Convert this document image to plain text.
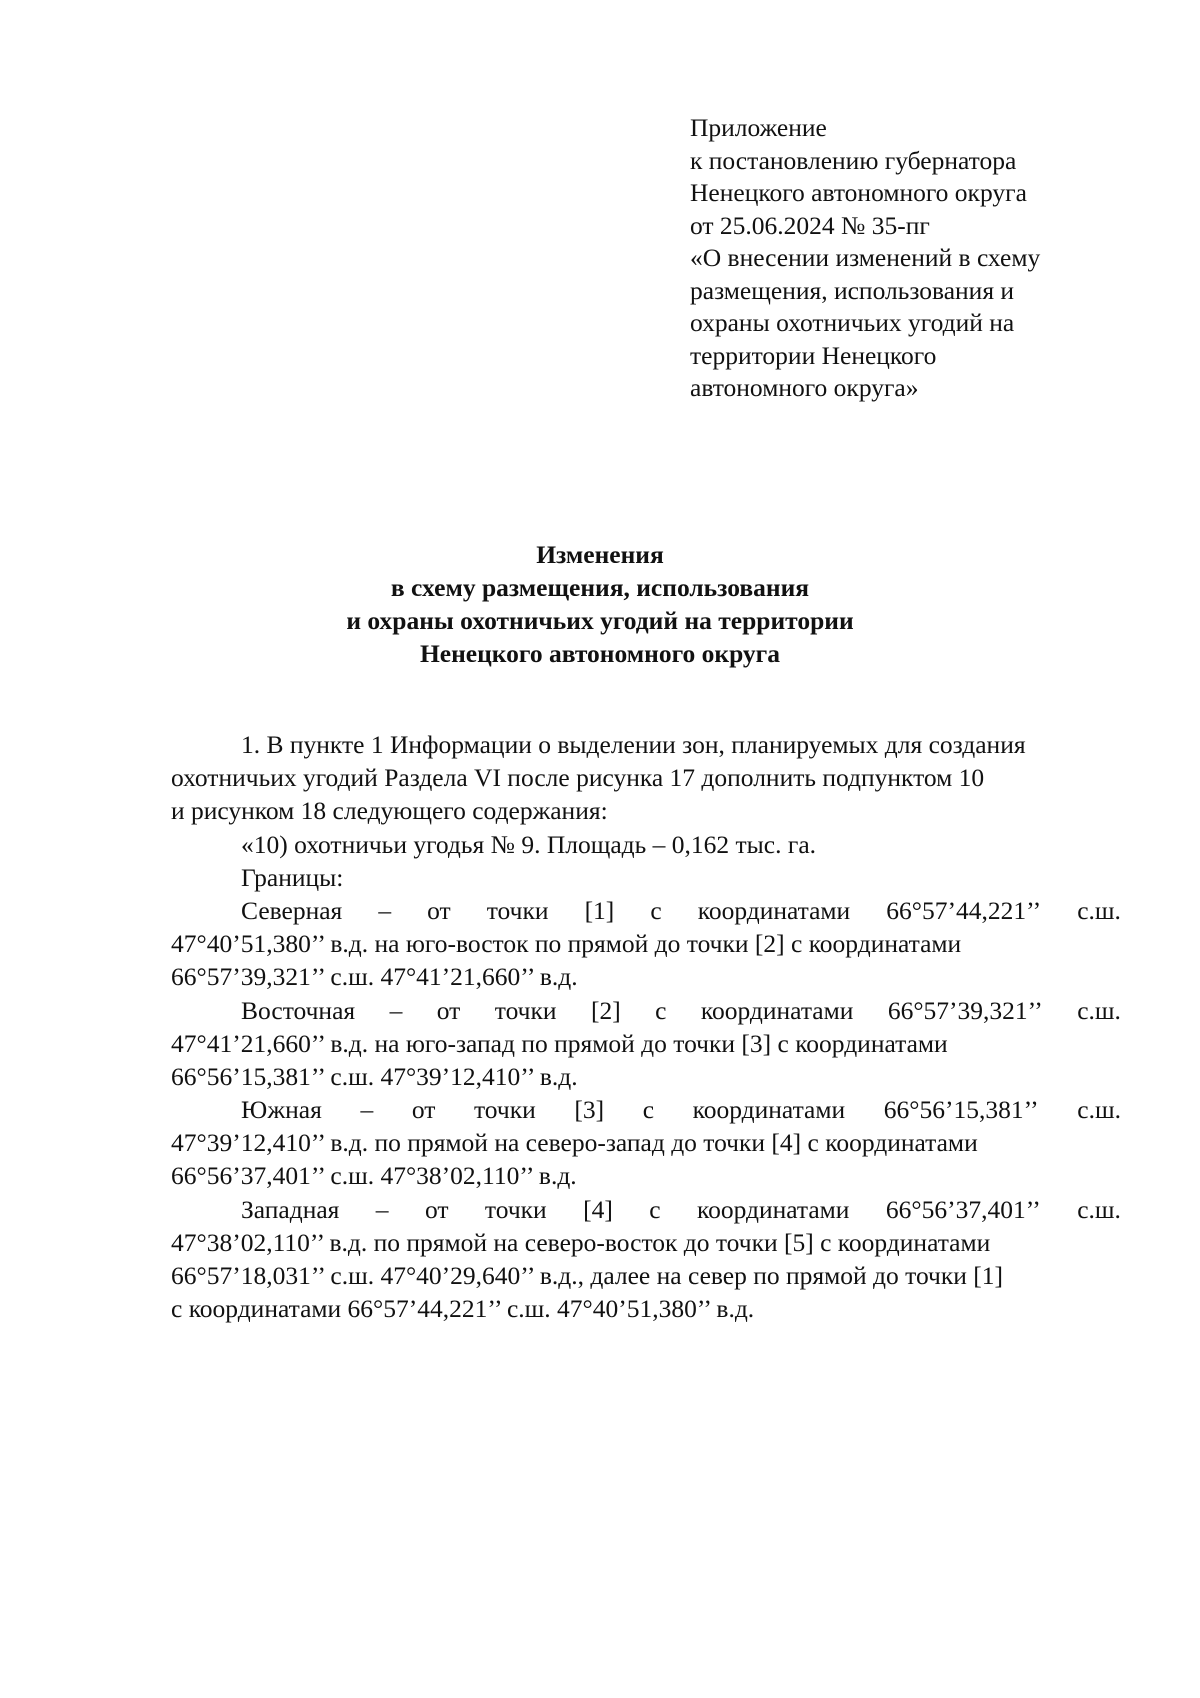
Приложение
к постановлению губернатора
Ненецкого автономного округа
от 25.06.2024 № 35-пг
«О внесении изменений в схему
размещения, использования и
охраны охотничьих угодий на
территории Ненецкого
автономного округа»
Изменения
в схему размещения, использования
и охраны охотничьих угодий на территории
Ненецкого автономного округа
1. В пункте 1 Информации о выделении зон, планируемых для создания
охотничьих угодий Раздела VI после рисунка 17 дополнить подпунктом 10
и рисунком 18 следующего содержания:
«10) охотничьи угодья № 9. Площадь – 0,162 тыс. га.
Границы:
Северная – от точки [1] с координатами 66°57’44,221’’ с.ш.
47°40’51,380’’ в.д. на юго-восток по прямой до точки [2] с координатами
66°57’39,321’’ с.ш. 47°41’21,660’’ в.д.
Восточная – от точки [2] с координатами 66°57’39,321’’ с.ш.
47°41’21,660’’ в.д. на юго-запад по прямой до точки [3] с координатами
66°56’15,381’’ с.ш. 47°39’12,410’’ в.д.
Южная – от точки [3] с координатами 66°56’15,381’’ с.ш.
47°39’12,410’’ в.д. по прямой на северо-запад до точки [4] с координатами
66°56’37,401’’ с.ш. 47°38’02,110’’ в.д.
Западная – от точки [4] с координатами 66°56’37,401’’ с.ш.
47°38’02,110’’ в.д. по прямой на северо-восток до точки [5] с координатами
66°57’18,031’’ с.ш. 47°40’29,640’’ в.д., далее на север по прямой до точки [1]
с координатами 66°57’44,221’’ с.ш. 47°40’51,380’’ в.д.
